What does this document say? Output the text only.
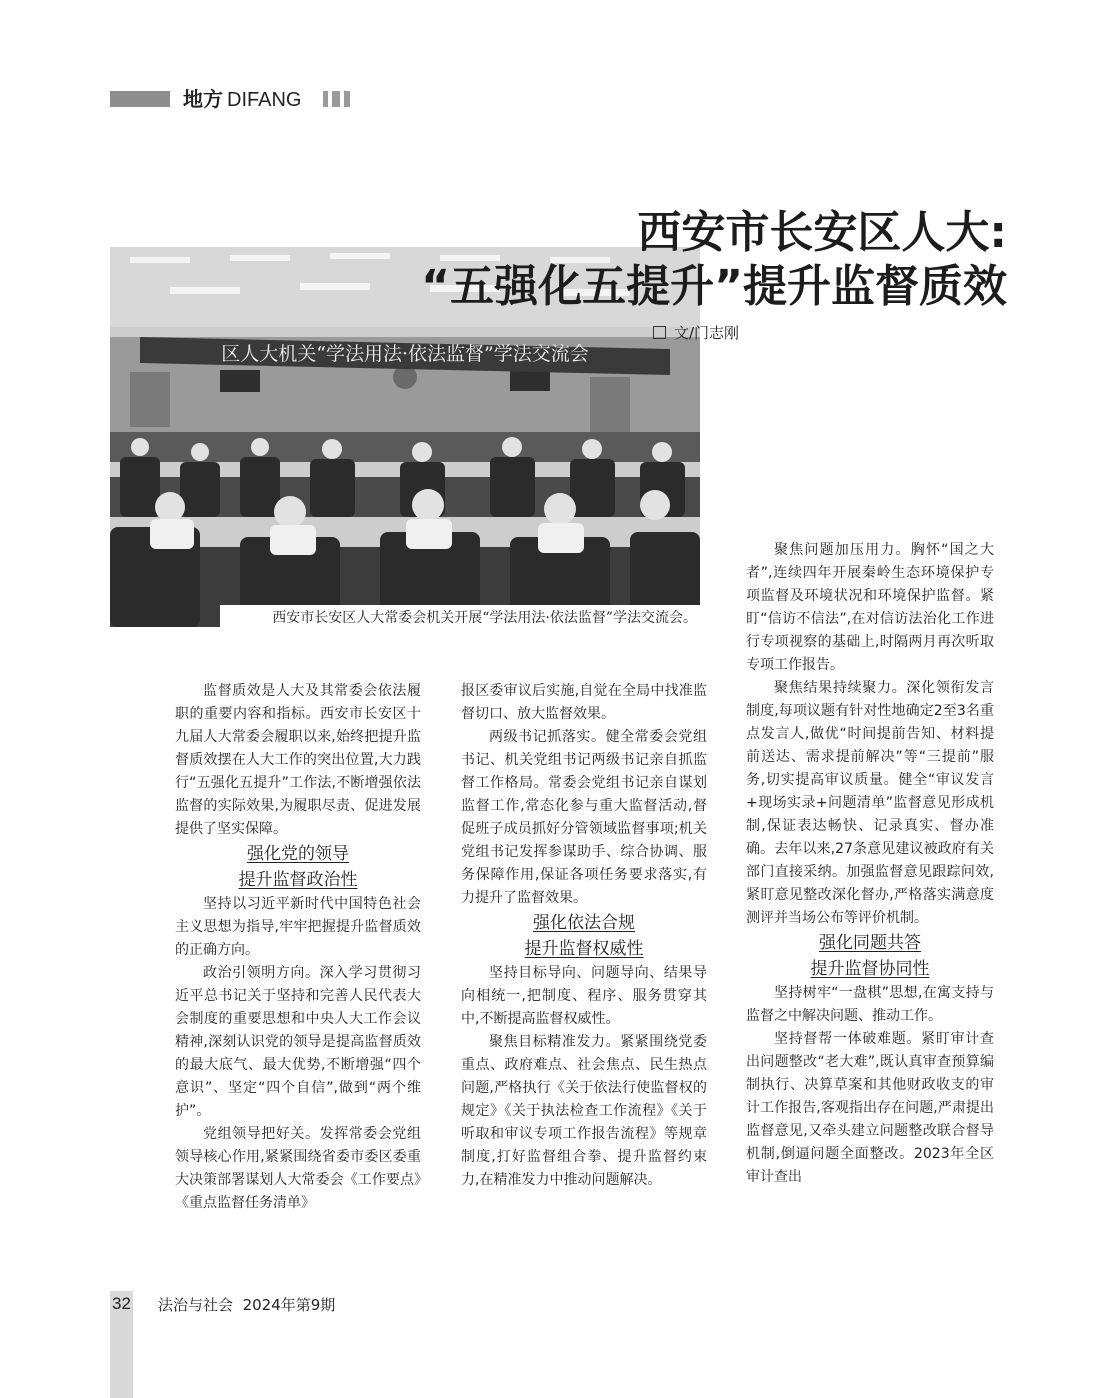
地方 DIFANG
区人大机关“学法用法·依法监督”学法交流会
西安市长安区人大常委会机关开展“学法用法·依法监督”学法交流会。
西安市长安区人大:
“五强化五提升”提升监督质效
文/门志刚

监督质效是人大及其常委会依法履职的重要内容和指标。西安市长安区十九届人大常委会履职以来,始终把提升监督质效摆在人大工作的突出位置,大力践行“五强化五提升”工作法,不断增强依法监督的实际效果,为履职尽责、促进发展提供了坚实保障。

强化党的领导

提升监督政治性

坚持以习近平新时代中国特色社会主义思想为指导,牢牢把握提升监督质效的正确方向。

政治引领明方向。深入学习贯彻习近平总书记关于坚持和完善人民代表大会制度的重要思想和中央人大工作会议精神,深刻认识党的领导是提高监督质效的最大底气、最大优势,不断增强“四个意识”、坚定“四个自信”,做到“两个维护”。

党组领导把好关。发挥常委会党组领导核心作用,紧紧围绕省委市委区委重大决策部署谋划人大常委会《工作要点》《重点监督任务清单》

报区委审议后实施,自觉在全局中找准监督切口、放大监督效果。

两级书记抓落实。健全常委会党组书记、机关党组书记两级书记亲自抓监督工作格局。常委会党组书记亲自谋划监督工作,常态化参与重大监督活动,督促班子成员抓好分管领域监督事项;机关党组书记发挥参谋助手、综合协调、服务保障作用,保证各项任务要求落实,有力提升了监督效果。

强化依法合规

提升监督权威性

坚持目标导向、问题导向、结果导向相统一,把制度、程序、服务贯穿其中,不断提高监督权威性。

聚焦目标精准发力。紧紧围绕党委重点、政府难点、社会焦点、民生热点问题,严格执行《关于依法行使监督权的规定》《关于执法检查工作流程》《关于听取和审议专项工作报告流程》等规章制度,打好监督组合拳、提升监督约束力,在精准发力中推动问题解决。

聚焦问题加压用力。胸怀“国之大者”,连续四年开展秦岭生态环境保护专项监督及环境状况和环境保护监督。紧盯“信访不信法”,在对信访法治化工作进行专项视察的基础上,时隔两月再次听取专项工作报告。

聚焦结果持续聚力。深化领衔发言制度,每项议题有针对性地确定2至3名重点发言人,做优“时间提前告知、材料提前送达、需求提前解决”等“三提前”服务,切实提高审议质量。健全“审议发言+现场实录+问题清单”监督意见形成机制,保证表达畅快、记录真实、督办准确。去年以来,27条意见建议被政府有关部门直接采纳。加强监督意见跟踪问效,紧盯意见整改深化督办,严格落实满意度测评并当场公布等评价机制。

强化同题共答

提升监督协同性

坚持树牢“一盘棋”思想,在寓支持与监督之中解决问题、推动工作。

坚持督帮一体破难题。紧盯审计查出问题整改“老大难”,既认真审查预算编制执行、决算草案和其他财政收支的审计工作报告,客观指出存在问题,严肃提出监督意见,又牵头建立问题整改联合督导机制,倒逼问题全面整改。2023年全区审计查出

32 法治与社会 2024年第9期
